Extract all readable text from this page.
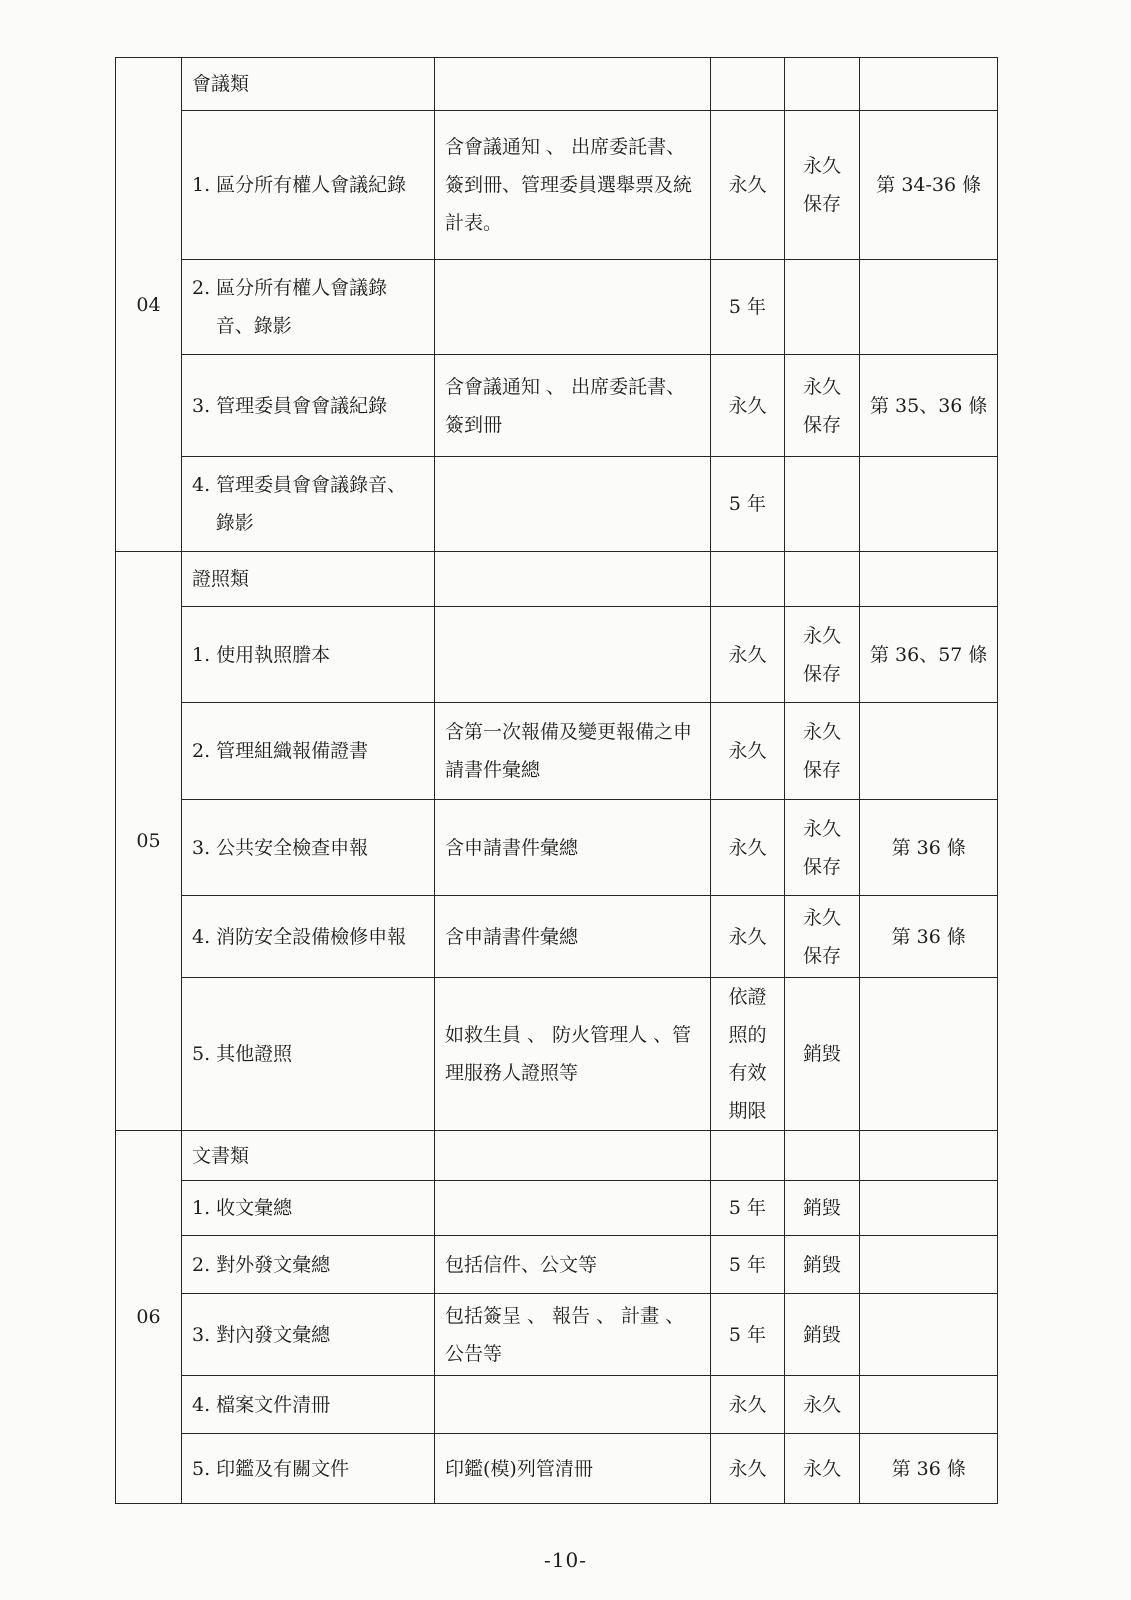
04	會議類				

	1. 區分所有權人會議紀錄	含會議通知 、 出席委託書、簽到冊、管理委員選舉票及統計表。	永久	永久保存	第 34-36 條

	2. 區分所有權人會議錄音、錄影		5 年		

	3. 管理委員會會議紀錄	含會議通知 、 出席委託書、簽到冊	永久	永久保存	第 35、36 條

	4. 管理委員會會議錄音、錄影		5 年		
05	證照類				

	1. 使用執照謄本		永久	永久保存	第 36、57 條

	2. 管理組織報備證書	含第一次報備及變更報備之申請書件彙總	永久	永久保存	

	3. 公共安全檢查申報	含申請書件彙總	永久	永久保存	第 36 條

	4. 消防安全設備檢修申報	含申請書件彙總	永久	永久保存	第 36 條

	5. 其他證照	如救生員 、 防火管理人 、管理服務人證照等	依證照的有效期限	銷毀	
06	文書類				

	1. 收文彙總		5 年	銷毀	

	2. 對外發文彙總	包括信件、公文等	5 年	銷毀	

	3. 對內發文彙總	包括簽呈 、 報告 、 計畫 、公告等	5 年	銷毀	

	4. 檔案文件清冊		永久	永久	

	5. 印鑑及有關文件	印鑑(模)列管清冊	永久	永久	第 36 條
-10-
